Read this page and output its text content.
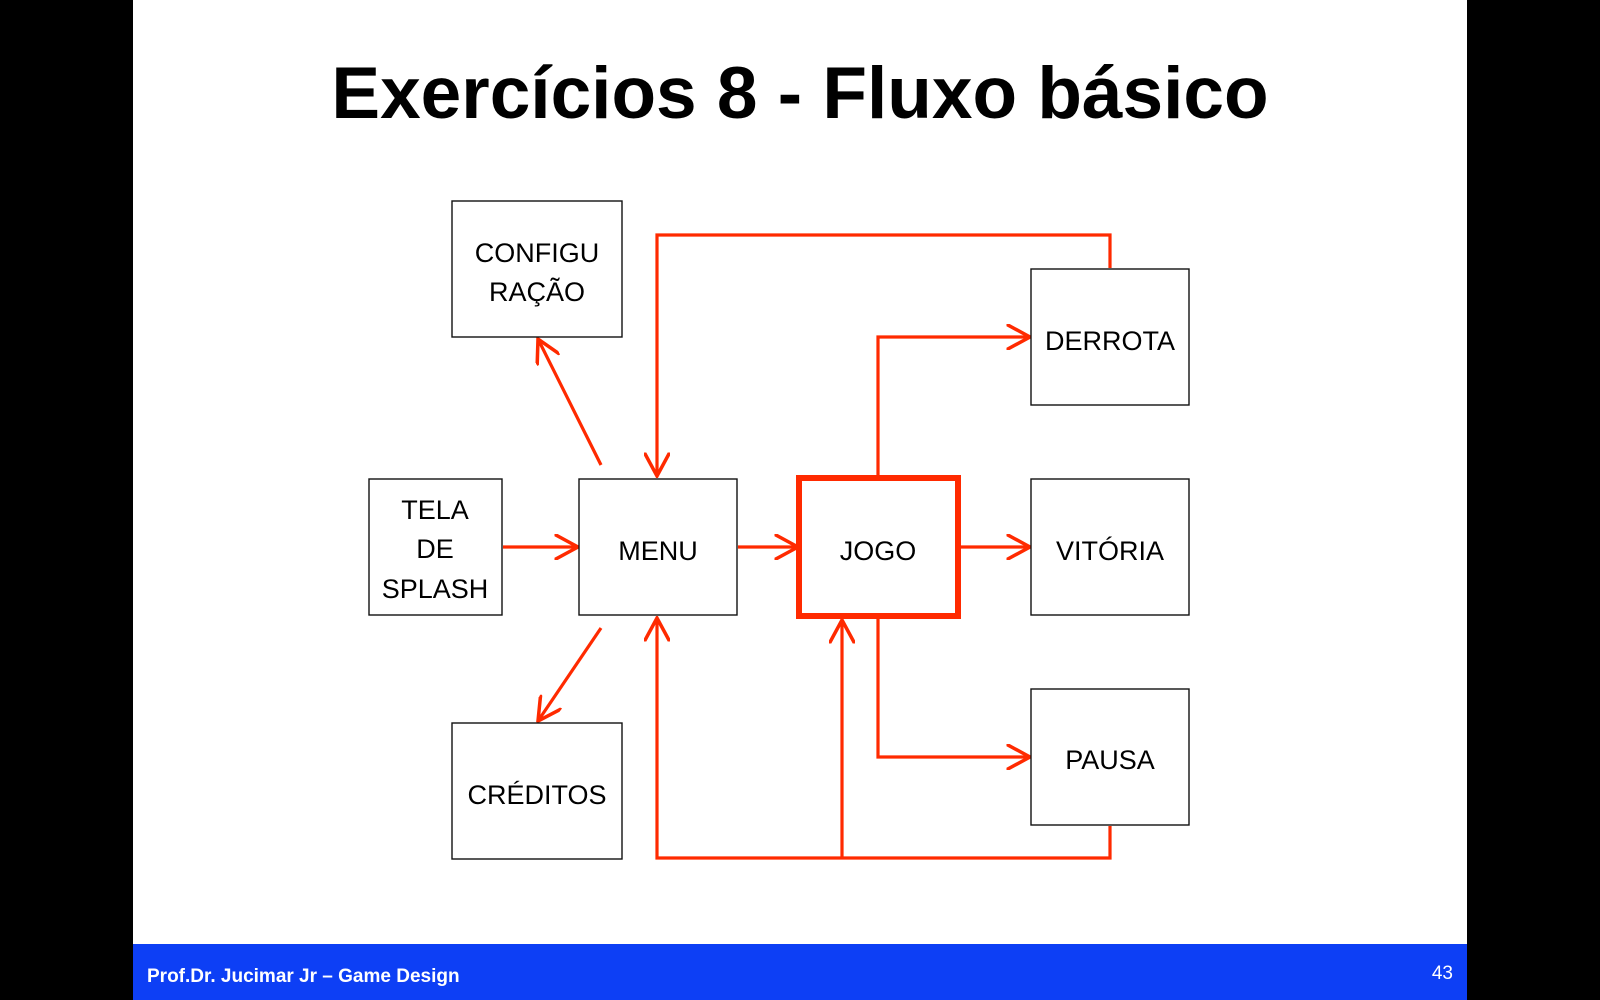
Exercícios 8 - Fluxo básico
CONFIGU
RAÇÃO
TELA
DE
SPLASH
MENU	JOGO
DERROTA
VITÓRIA
PAUSA
CRÉDITOS
Prof.Dr. Jucimar Jr – Game Design	43
